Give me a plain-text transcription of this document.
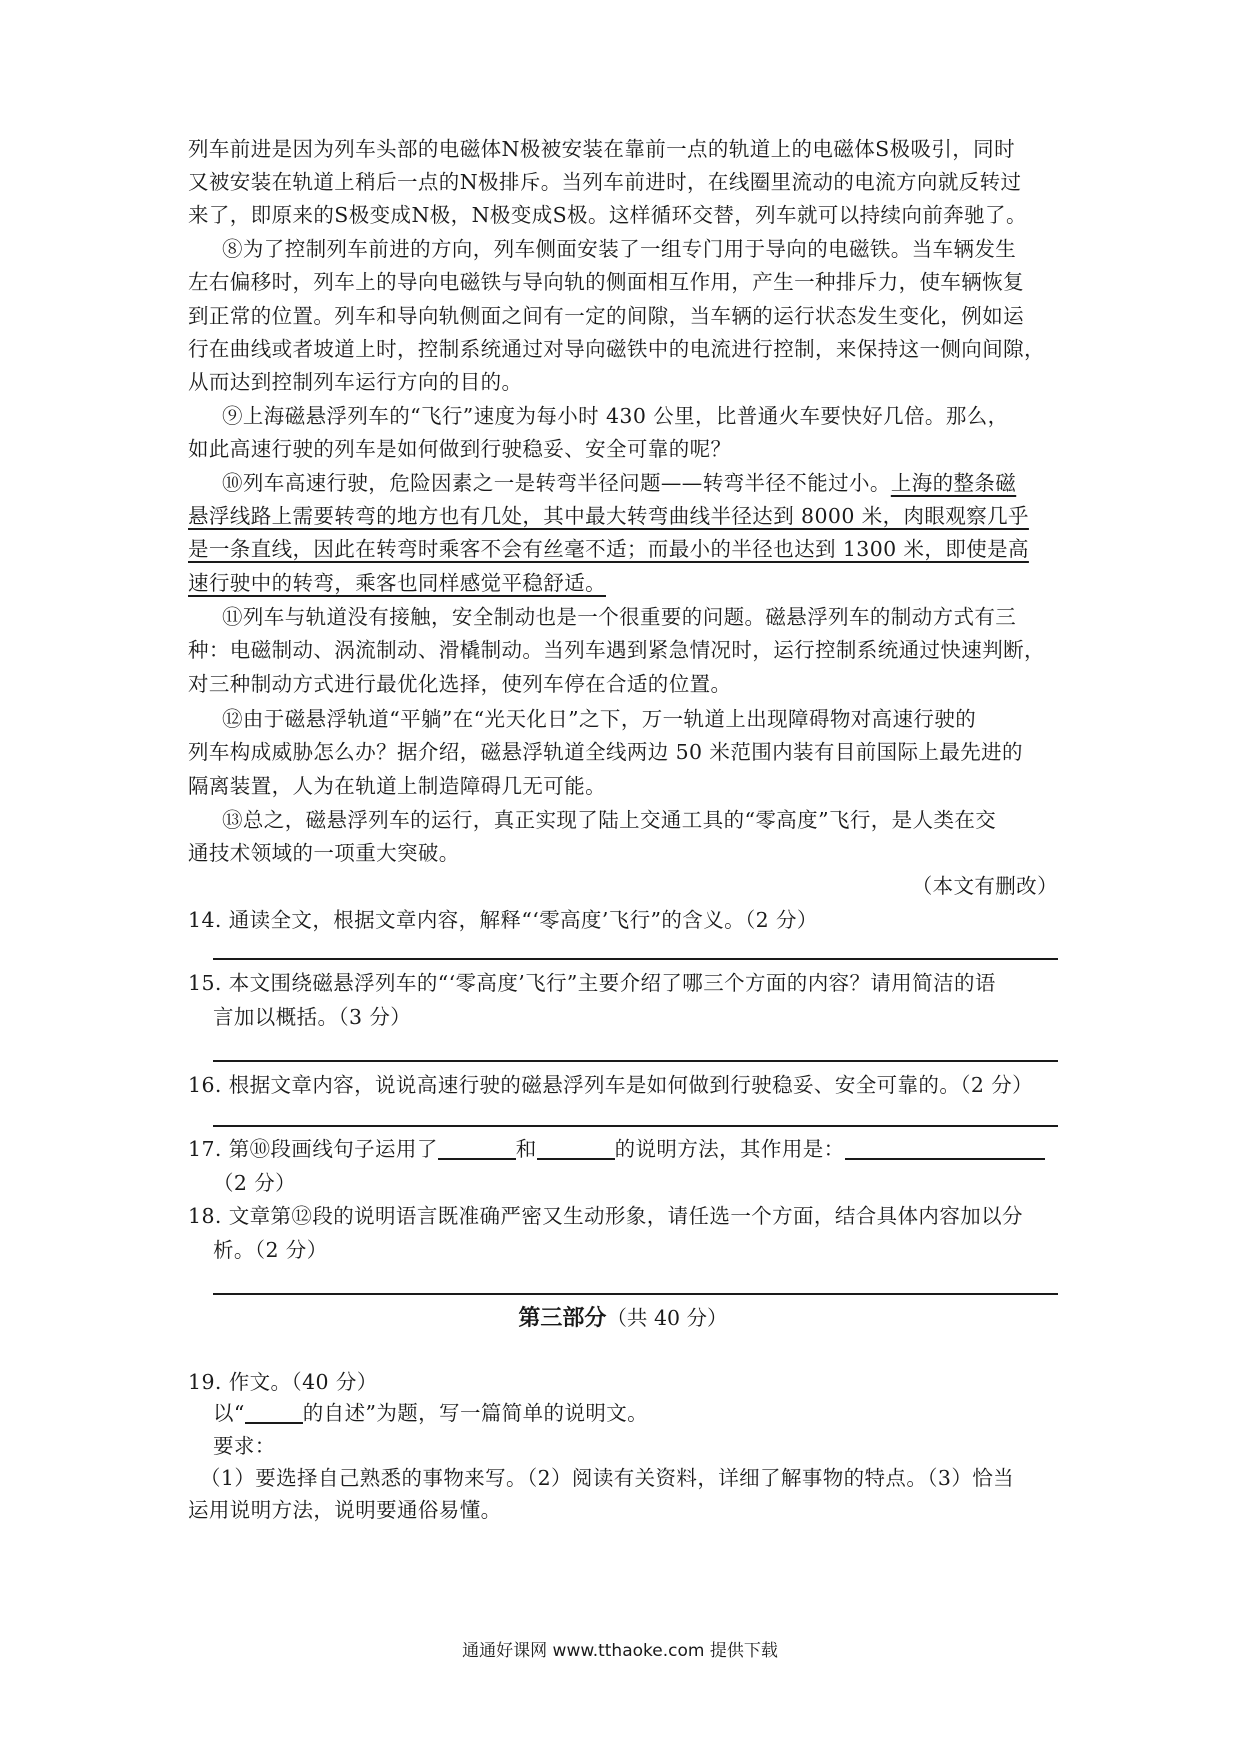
列车前进是因为列车头部的电磁体N极被安装在靠前一点的轨道上的电磁体S极吸引，同时
又被安装在轨道上稍后一点的N极排斥。当列车前进时，在线圈里流动的电流方向就反转过
来了，即原来的S极变成N极，N极变成S极。这样循环交替，列车就可以持续向前奔驰了。
⑧为了控制列车前进的方向，列车侧面安装了一组专门用于导向的电磁铁。当车辆发生
左右偏移时，列车上的导向电磁铁与导向轨的侧面相互作用，产生一种排斥力，使车辆恢复
到正常的位置。列车和导向轨侧面之间有一定的间隙，当车辆的运行状态发生变化，例如运
行在曲线或者坡道上时，控制系统通过对导向磁铁中的电流进行控制，来保持这一侧向间隙，
从而达到控制列车运行方向的目的。
⑨上海磁悬浮列车的“飞行”速度为每小时 430 公里，比普通火车要快好几倍。那么，
如此高速行驶的列车是如何做到行驶稳妥、安全可靠的呢？
⑩列车高速行驶，危险因素之一是转弯半径问题——转弯半径不能过小。上海的整条磁
悬浮线路上需要转弯的地方也有几处，其中最大转弯曲线半径达到 8000 米，肉眼观察几乎
是一条直线，因此在转弯时乘客不会有丝毫不适；而最小的半径也达到 1300 米，即使是高
速行驶中的转弯，乘客也同样感觉平稳舒适。
⑪列车与轨道没有接触，安全制动也是一个很重要的问题。磁悬浮列车的制动方式有三
种：电磁制动、涡流制动、滑橇制动。当列车遇到紧急情况时，运行控制系统通过快速判断，
对三种制动方式进行最优化选择，使列车停在合适的位置。
⑫由于磁悬浮轨道“平躺”在“光天化日”之下，万一轨道上出现障碍物对高速行驶的
列车构成威胁怎么办？据介绍，磁悬浮轨道全线两边 50 米范围内装有目前国际上最先进的
隔离装置，人为在轨道上制造障碍几无可能。
⑬总之，磁悬浮列车的运行，真正实现了陆上交通工具的“零高度”飞行，是人类在交
通技术领域的一项重大突破。
（本文有删改）
14. 通读全文，根据文章内容，解释“‘零高度’飞行”的含义。（2 分）
15. 本文围绕磁悬浮列车的“‘零高度’飞行”主要介绍了哪三个方面的内容？请用简洁的语
言加以概括。（3 分）
16. 根据文章内容，说说高速行驶的磁悬浮列车是如何做到行驶稳妥、安全可靠的。（2 分）
17. 第⑩段画线句子运用了	和	的说明方法，其作用是：
（2 分）
18. 文章第⑫段的说明语言既准确严密又生动形象，请任选一个方面，结合具体内容加以分
析。（2 分）
第三部分（共 40 分）
19. 作文。（40 分）
以“	的自述”为题，写一篇简单的说明文。
要求：
（1）要选择自己熟悉的事物来写。（2）阅读有关资料，详细了解事物的特点。（3）恰当
运用说明方法，说明要通俗易懂。
通通好课网 www.tthaoke.com 提供下载
